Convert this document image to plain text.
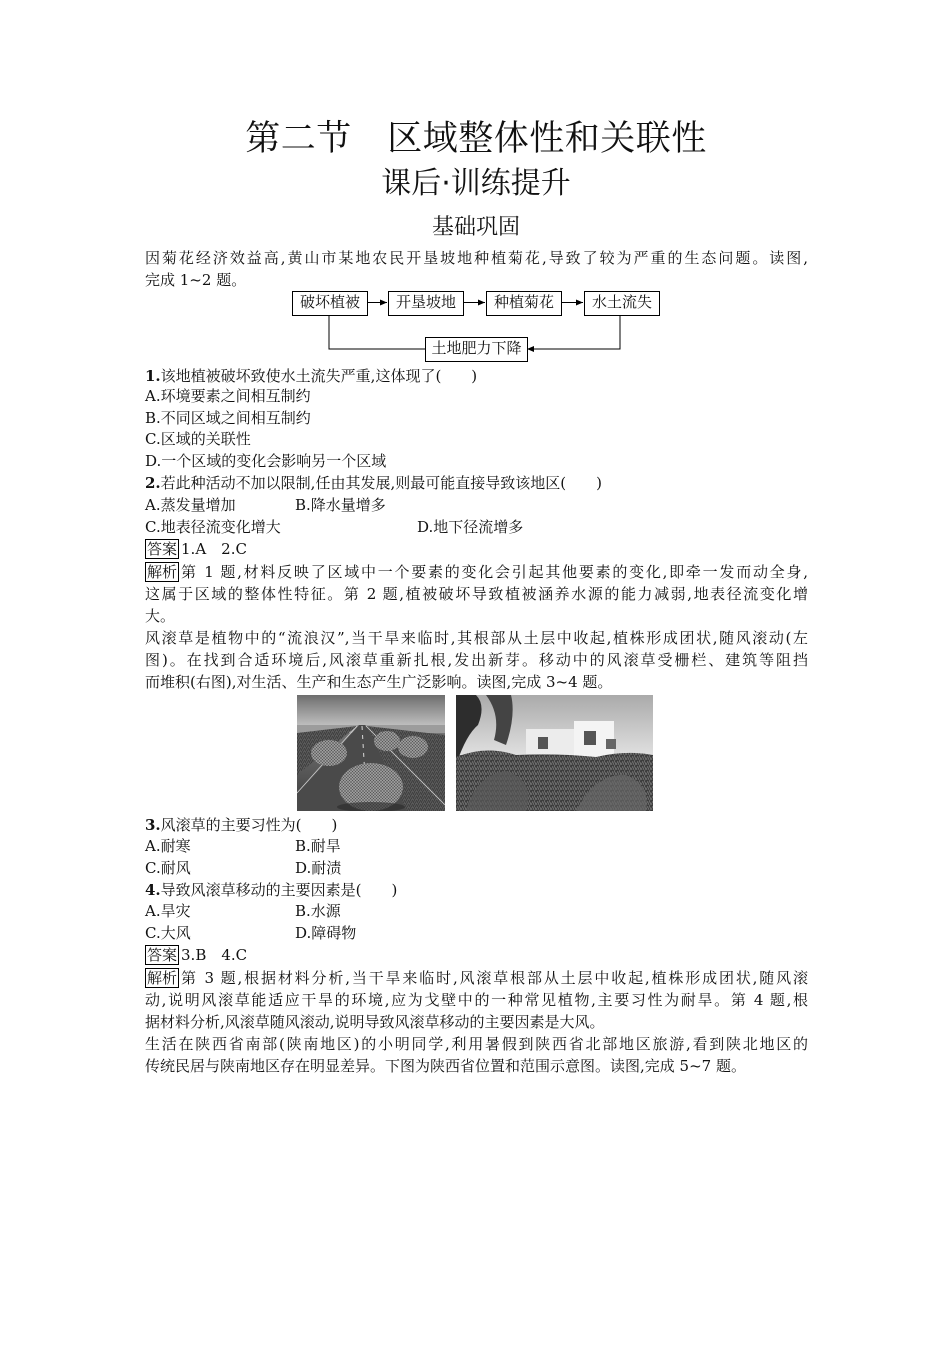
第二节　区域整体性和关联性
课后·训练提升
基础巩固
因菊花经济效益高,黄山市某地农民开垦坡地种植菊花,导致了较为严重的生态问题。读图,
完成 1~2 题。
破坏植被	开垦坡地	种植菊花	水土流失
土地肥力下降
1.该地植被破坏致使水土流失严重,这体现了(　　)
A.环境要素之间相互制约
B.不同区域之间相互制约
C.区域的关联性
D.一个区域的变化会影响另一个区域
2.若此种活动不加以限制,任由其发展,则最可能直接导致该地区(　　)
A.蒸发量增加	B.降水量增多
C.地表径流变化增大	D.地下径流增多
答案 1.A　2.C
解析 第 1 题,材料反映了区域中一个要素的变化会引起其他要素的变化,即牵一发而动全身,
这属于区域的整体性特征。第 2 题,植被破坏导致植被涵养水源的能力减弱,地表径流变化增
大。
风滚草是植物中的“流浪汉”,当干旱来临时,其根部从土层中收起,植株形成团状,随风滚动(左
图)。在找到合适环境后,风滚草重新扎根,发出新芽。移动中的风滚草受栅栏、建筑等阻挡
而堆积(右图),对生活、生产和生态产生广泛影响。读图,完成 3~4 题。
3.风滚草的主要习性为(　　)
A.耐寒	B.耐旱
C.耐风	D.耐渍
4.导致风滚草移动的主要因素是(　　)
A.旱灾	B.水源
C.大风	D.障碍物
答案 3.B　4.C
解析 第 3 题,根据材料分析,当干旱来临时,风滚草根部从土层中收起,植株形成团状,随风滚
动,说明风滚草能适应干旱的环境,应为戈壁中的一种常见植物,主要习性为耐旱。第 4 题,根
据材料分析,风滚草随风滚动,说明导致风滚草移动的主要因素是大风。
生活在陕西省南部(陕南地区)的小明同学,利用暑假到陕西省北部地区旅游,看到陕北地区的
传统民居与陕南地区存在明显差异。下图为陕西省位置和范围示意图。读图,完成 5~7 题。
